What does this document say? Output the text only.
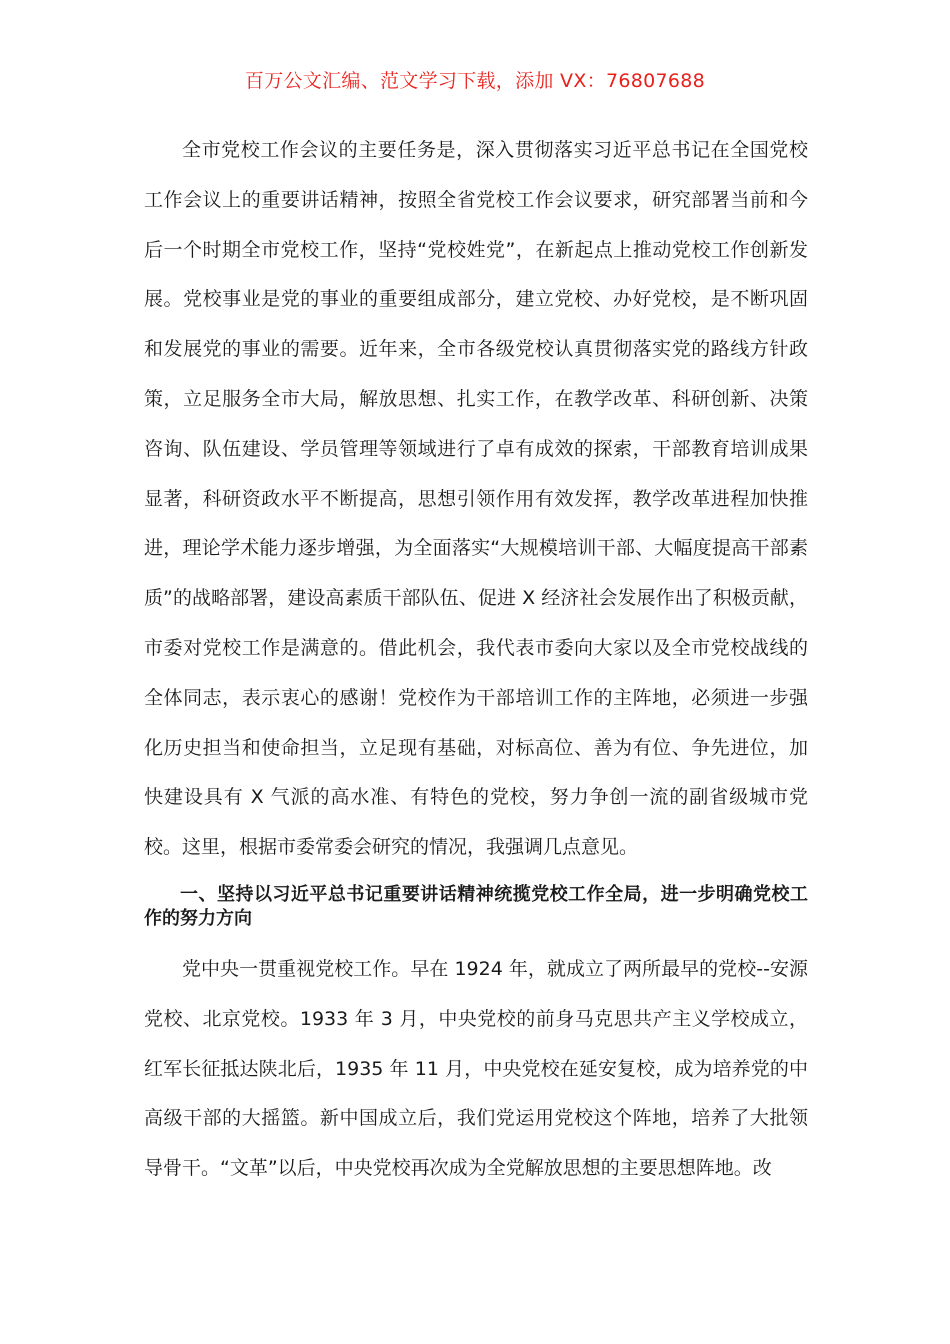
百万公文汇编、范文学习下载，添加 VX：76807688

全市党校工作会议的主要任务是，深入贯彻落实习近平总书记在全国党校工作会议上的重要讲话精神，按照全省党校工作会议要求，研究部署当前和今后一个时期全市党校工作，坚持“党校姓党”，在新起点上推动党校工作创新发展。党校事业是党的事业的重要组成部分，建立党校、办好党校，是不断巩固和发展党的事业的需要。近年来，全市各级党校认真贯彻落实党的路线方针政策，立足服务全市大局，解放思想、扎实工作，在教学改革、科研创新、决策咨询、队伍建设、学员管理等领域进行了卓有成效的探索，干部教育培训成果显著，科研资政水平不断提高，思想引领作用有效发挥，教学改革进程加快推进，理论学术能力逐步增强，为全面落实“大规模培训干部、大幅度提高干部素质”的战略部署，建设高素质干部队伍、促进 X 经济社会发展作出了积极贡献，市委对党校工作是满意的。借此机会，我代表市委向大家以及全市党校战线的全体同志，表示衷心的感谢！党校作为干部培训工作的主阵地，必须进一步强化历史担当和使命担当，立足现有基础，对标高位、善为有位、争先进位，加快建设具有 X 气派的高水准、有特色的党校，努力争创一流的副省级城市党校。这里，根据市委常委会研究的情况，我强调几点意见。

一、坚持以习近平总书记重要讲话精神统揽党校工作全局，进一步明确党校工作的努力方向

党中央一贯重视党校工作。早在 1924 年，就成立了两所最早的党校--安源党校、北京党校。1933 年 3 月，中央党校的前身马克思共产主义学校成立，红军长征抵达陕北后，1935 年 11 月，中央党校在延安复校，成为培养党的中高级干部的大摇篮。新中国成立后，我们党运用党校这个阵地，培养了大批领导骨干。“文革”以后，中央党校再次成为全党解放思想的主要思想阵地。改
